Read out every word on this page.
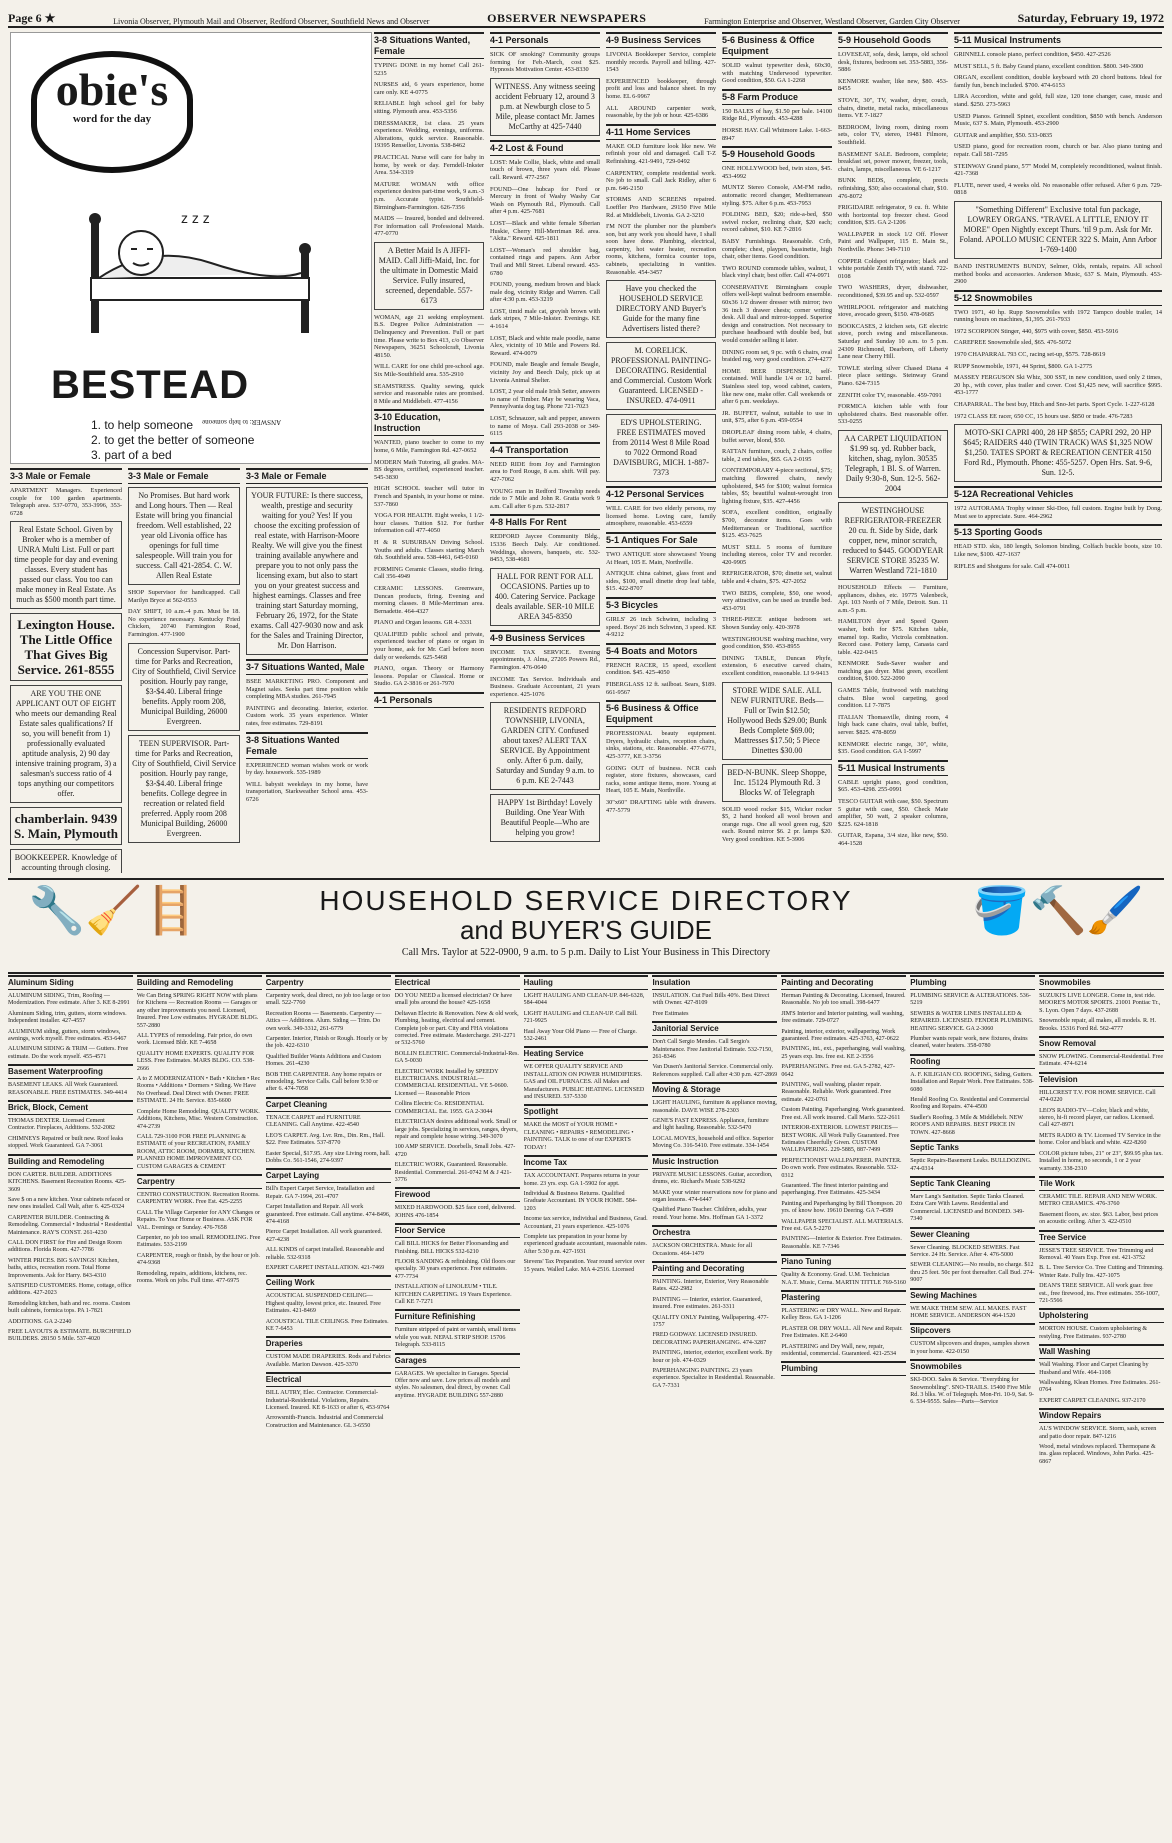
Page 6 ★	Livonia Observer, Plymouth Mail and Observer, Redford Observer, Southfield News and Observer	OBSERVER NEWSPAPERS	Farmington Enterprise and Observer, Westland Observer, Garden City Observer	Saturday, February 19, 1972
obie's
word for the day
z z z
BESTEAD
1. to help someone
2. to get the better of someone
3. part of a bed
ANSWER: to help someone
3-3 Male or Female

APARTMENT Managers. Experienced couple for 100 garden apartments. Telegraph area. 537-0770, 353-3996, 353-6728

Real Estate School. Given by Broker who is a member of UNRA Multi List. Full or part time people for day and evening classes. Every student has passed our class. You too can make money in Real Estate. As much as $500 month part time.
Lexington House. The Little Office That Gives Big Service. 261-8555
ARE YOU THE ONE APPLICANT OUT OF EIGHT who meets our demanding Real Estate sales qualifications? If so, you will benefit from 1) professionally evaluated aptitude analysis, 2) 90 day intensive training program, 3) a salesman's success ratio of 4 tops anything our competitors offer.
chamberlain. 9439 S. Main, Plymouth
BOOKKEEPER. Knowledge of accounting through closing.
3-3 Male or Female
No Promises. But hard work and Long hours. Then — Real Estate will bring you financial freedom. Well established, 22 year old Livonia office has openings for full time salespeople. Will train you for success. Call 421-2854. C. W. Allen Real Estate

SHOP Supervisor for handicapped. Call Marilyn Bryce at 562-0553

DAY SHIFT, 10 a.m.-4 p.m. Must be 18. No experience necessary. Kentucky Fried Chicken, 20740 Farmington Road, Farmington. 477-1900

Concession Supervisor. Part-time for Parks and Recreation, City of Southfield, Civil Service position. Hourly pay range, $3-$4.40. Liberal fringe benefits. Apply room 208, Municipal Building, 26000 Evergreen.
TEEN SUPERVISOR. Part-time for Parks and Recreation, City of Southfield, Civil Service position. Hourly pay range, $3-$4.40. Liberal fringe benefits. College degree in recreation or related field preferred. Apply room 208 Municipal Building, 26000 Evergreen.
3-3 Male or Female
YOUR FUTURE: Is there success, wealth, prestige and security waiting for you? Yes! If you choose the exciting profession of real estate, with Harrison-Moore Realty. We will give you the finest training available anywhere and prepare you to not only pass the licensing exam, but also to start you on your greatest success and highest earnings. Classes and free training start Saturday morning, February 26, 1972, for the State exams. Call 427-9030 now and ask for the Sales and Training Director, Mr. Don Harrison.
3-7 Situations Wanted, Male

BSEE MARKETING PRO. Component and Magnet sales. Seeks part time position while completing MBA studies. 261-7945

PAINTING and decorating. Interior, exterior. Custom work. 35 years experience. Winter rates, free estimates. 729-8191

3-8 Situations Wanted Female

EXPERIENCED woman wishes work or work by day. housework. 535-1989

WILL babysit weekdays in my home, have transportation, Starkweather School area. 453-6726

3-8 Situations Wanted, Female

TYPING DONE in my home! Call 261-5235

NURSES aid, 6 years experience, home care only. KE 4-0775

RELIABLE high school girl for baby sitting. Plymouth area. 453-5356

DRESSMAKER, 1st class. 25 years experience. Wedding, evenings, uniforms. Alterations, quick service. Reasonable. 19395 Rensellor, Livonia. 538-8462

PRACTICAL Nurse will care for baby in home, by week or day. Ferndell-Inkster Area. 534-3319

MATURE WOMAN with office experience desires part-time work, 9 a.m.-3 p.m. Accurate typist. Southfield-Birmingham-Farmington. 626-7356

MAIDS — Insured, bonded and delivered. For information call Professional Maids. 477-0770

A Better Maid Is A JIFFI-MAID. Call Jiffi-Maid, Inc. for the ultimate in Domestic Maid Service. Fully insured, screened, dependable. 557-6173

WOMAN, age 21 seeking employment. B.S. Degree Police Administration — Delinquency and Prevention. Full or part time. Please write to Box 413, c/o Observer Newspapers, 36251 Schoolcraft, Livonia 48150.

WILL CARE for one child pre-school age. Six Mile-Southfield area. 535-2910

SEAMSTRESS. Quality sewing, quick service and reasonable rates are promised. 8 Mile and Middlebelt. 477-4156

3-10 Education, Instruction

WANTED, piano teacher to come to my home, 6 Mile, Farmington Rd. 427-0652

MODERN Math Tutoring, all grades. MA-BS degrees, certified, experienced teacher. 545-3830

HIGH SCHOOL teacher will tutor in French and Spanish, in your home or mine. 537-7860

YOGA FOR HEALTH. Eight weeks, 1 1/2-hour classes. Tuition $12. For further information call 477-4050

H & R SUBURBAN Driving School. Youths and adults. Classes starting March 6th. Southfield area. 538-4461, 645-0160

FORMING Ceramic Classes, studio firing. Call 356-4949

CERAMIC LESSONS. Greenware, Duncan products, firing. Evening and morning classes. 8 Mile-Merriman area. Bernadette. 464-4327

PIANO and Organ lessons. GR 4-3331

QUALIFIED public school and private, experienced teacher of piano or organ in your home, ask for Mr. Carl before noon daily or weekends. 625-5468

PIANO, organ. Theory or Harmony lessons. Popular or Classical. Home or Studio. GA 2-3816 or 261-7970

4-1 Personals
4-1 Personals

SICK OF smoking? Community groups forming for Feb.-March, cost $25. Hypnosis Motivation Center. 453-8330

WITNESS. Any witness seeing accident February 12, around 3 p.m. at Newburgh close to 5 Mile, please contact Mr. James McCarthy at 425-7440
4-2 Lost & Found

LOST: Male Collie, black, white and small touch of brown, three years old. Please call. Reward. 477-2567

FOUND—One hubcap for Ford or Mercury in front of Washy Washy Car Wash on Plymouth Rd., Plymouth. Call after 4 p.m. 425-7681

LOST—Black and white female Siberian Huskie, Cherry Hill-Merriman Rd. area. "Akita." Reward. 425-1811

LOST—Woman's red shoulder bag, contained rings and papers. Ann Arbor Trail and Mill Street. Liberal reward. 453-6780

FOUND, young, medium brown and black male dog, vicinity Ridge and Warren. Call after 4:30 p.m. 453-3219

LOST, timid male cat, greyish brown with dark stripes, 7 Mile-Inkster. Evenings. KE 4-1614

LOST, Black and white male poodle, name Alex, vicinity of 10 Mile and Powers Rd. Reward. 474-0079

FOUND, male Beagle and female Beagle, vicinity Joy and Beech Daly, pick up at Livonia Animal Shelter.

LOST, 2 year old male Irish Setter, answers to name of Timber. May be wearing Vaca, Pennsylvania dog tag. Phone 721-7023

LOST, Schnauzer, salt and pepper, answers to name of Moya. Call 293-2038 or 349-6115

4-4 Transportation

NEED RIDE from Joy and Farmington area to Ford Rouge, 8 a.m. shift. Will pay. 427-7062

YOUNG man in Redford Township needs ride to 7 Mile and John R. Gratia work 9 a.m. Call after 6 p.m. 532-2817

4-8 Halls For Rent

REDFORD Jaycee Community Bldg., 15336 Beech Daly. Air conditioned. Weddings, showers, banquets, etc. 532-8453, 538-4681

HALL FOR RENT FOR ALL OCCASIONS. Parties up to 400. Catering Service. Package deals available. SER-10 MILE AREA 345-8350
4-9 Business Services

INCOME TAX SERVICE. Evening appointments, J. Alma, 27205 Powers Rd., Farmington. 476-0640

INCOME Tax Service. Individuals and Business. Graduate Accountant, 21 years experience. 425-1076

RESIDENTS REDFORD TOWNSHIP, LIVONIA, GARDEN CITY. Confused about taxes? ALERT TAX SERVICE. By Appointment only. After 6 p.m. daily, Saturday and Sunday 9 a.m. to 6 p.m. KE 2-7443
HAPPY 1st Birthday! Lovely Building. One Year With Beautiful People—Who are helping you grow!
4-9 Business Services

LIVONIA Bookkeeper Service, complete monthly records. Payroll and billing. 427-1543

EXPERIENCED bookkeeper, through profit and loss and balance sheet. In my home. EL 6-9967

ALL AROUND carpenter work, reasonable, by the job or hour. 425-6386

4-11 Home Services

MAKE OLD furniture look like new. We refinish your old and damaged. Call T-Z Refinishing. 421-9491, 729-0492

CARPENTRY, complete residential work. No job to small. Call Jack Ridley, after 6 p.m. 646-2150

STORMS AND SCREENS repaired. Loeffler Pro Hardware, 29150 Five Mile Rd. at Middlebelt, Livonia. GA 2-3210

I'M NOT the plumber nor the plumber's son, but any work you should have, I shall soon have done. Plumbing, electrical, carpentry, hot water heater, recreation rooms, kitchens, formica counter tops, cabinets, specializing in vanities. Reasonable. 454-3457

Have you checked the HOUSEHOLD SERVICE DIRECTORY AND Buyer's Guide for the many fine Advertisers listed there?
M. CORELICK. PROFESSIONAL PAINTING-DECORATING. Residential and Commercial. Custom Work Guaranteed. LICENSED - INSURED. 474-0911
ED'S UPHOLSTERING. FREE ESTIMATES moved from 20114 West 8 Mile Road to 7022 Ormond Road DAVISBURG, MICH. 1-887-7373
4-12 Personal Services

WILL CARE for two elderly persons, my licensed home. Loving care, family atmosphere, reasonable. 453-6559

5-1 Antiques For Sale

TWO ANTIQUE store showcases! Young At Heart, 105 E. Main, Northville.

ANTIQUE china cabinet, glass front and sides, $100, small dinette drop leaf table, $15. 422-8707

5-3 Bicycles

GIRLS' 26 inch Schwinn, including 3 speed. Boys' 26 inch Schwinn, 3 speed. KE 4-9212

5-4 Boats and Motors

FRENCH RACER, 15 speed, excellent condition. $45. 425-4050

FIBERGLASS 12 ft. sailboat. Sears, $189. 661-9567

5-6 Business & Office Equipment

PROFESSIONAL beauty equipment. Dryers, hydraulic chairs, reception chairs, sinks, stations, etc. Reasonable. 477-6771, 425-3777, KE 3-3756

GOING OUT of business. NCR cash register, store fixtures, showcases, card racks, some antique items, more. Young at Heart, 105 E. Main, Northville.

30"x60" DRAFTING table with drawers. 477-5779

5-6 Business & Office Equipment

SOLID walnut typewriter desk, 60x30, with matching Underwood typewriter. Good condition, $50. GA 1-2268

5-8 Farm Produce

150 BALES of hay, $1.50 per bale. 14100 Ridge Rd., Plymouth. 453-4288

HORSE HAY. Call Whitmore Lake. 1-663-8947

5-9 Household Goods

ONE HOLLYWOOD bed, twin sizes, $45. 453-4992

MUNTZ Stereo Console, AM-FM radio, automatic record changer, Mediterranean styling. $75. After 6 p.m. 453-7953

FOLDING BED, $20; ride-a-bed, $50 swivel rocker, reclining chair, $20 each; record cabinet, $10. KE 7-2816

BABY Furnishings. Reasonable. Crib, complete; chest, playpen, bassinette, high chair, other items. Good condition.

TWO ROUND commode tables, walnut, 1 black vinyl chair, best offer. Call 474-0971

CONSERVATIVE Birmingham couple offers well-kept walnut bedroom ensemble. 60x36 1/2 drawer dresser with mirror; two 36 inch 3 drawer chests; corner writing desk. All dual and mirror-topped. Superior design and construction. Not necessary to purchase headboard with double bed, but would consider selling it later.

DINING room set, 9 pc. with 6 chairs, oval braided rug, very good condition. 274-4277

HOME BEER DISPENSER, self-contained. Will handle 1/4 or 1/2 barrel. Stainless steel top, wood cabinet, casters, like new one, make offer. Call weekends or after 6 p.m. weekdays.

JR. BUFFET, walnut, suitable to use in unit, $75, after 6 p.m. 459-0554

DROPLEAF dining room table, 4 chairs, buffet server, blond, $50.

RATTAN furniture, couch, 2 chairs, coffee table, 2 end tables, $65. GA 2-0195

CONTEMPORARY 4-piece sectional, $75; matching flowered chairs, newly upholstered, $45 for $100; walnut formica tables, $5; beautiful walnut-wrought iron lighting fixture, $35. 427-4456

SOFA, excellent condition, originally $700, decorator items. Goes with Mediterranean or Traditional, sacrifice $125. 453-7625

MUST SELL 5 rooms of furniture including stereos, color TV and recorder. 420-9905

REFRIGERATOR, $70; dinette set, walnut table and 4 chairs, $75. 427-2052

TWO BEDS, complete, $50, one wood, very attractive, can be used as trundle bed. 453-0791

THREE-PIECE antique bedroom set. Shown Sunday only. 420-3978

WESTINGHOUSE washing machine, very good condition, $50. 453-8955

DINING TABLE, Duncan Phyfe, extension, 6 executive carved chairs, excellent condition, reasonable. LI 9-9413

STORE WIDE SALE. ALL NEW FURNITURE. Beds—Full or Twin $12.50; Hollywood Beds $29.00; Bunk Beds Complete $69.00; Mattresses $17.50; 5 Piece Dinettes $30.00
BED-N-BUNK. Sleep Shoppe, Inc. 15124 Plymouth Rd. 3 Blocks W. of Telegraph

SOLID wood rocker $15, Wicker rocker $5, 2 hand hooked all wool brown and orange rugs. One all wool green rug, $20 each. Round mirror $6. 2 pr. lamps $20. Very good condition. KE 5-3906

5-9 Household Goods

LOVESEAT, sofa, desk, lamps, old school desk, fixtures, bedroom set. 353-5883, 356-5886

KENMORE washer, like new, $80. 453-8455

STOVE, 30", TV, washer, dryer, couch, chairs, dinette, metal racks, miscellaneous items. VE 7-1827

BEDROOM, living room, dining room sets, color TV, stereo, 19481 Filmore, Southfield.

BASEMENT SALE. Bedroom, complete; breakfast set, power mower, freezer, tools, chairs, lamps, miscellaneous. VE 6-1217

BUNK BEDS, complete, precis refinishing, $30; also occasional chair, $10. 476-8072

FRIGIDAIRE refrigerator, 9 cu. ft. White with horizontal top freezer chest. Good condition, $35. GA 2-1206

WALLPAPER in stock 1/2 Off. Flower Paint and Wallpaper, 115 E. Main St., Northville. Phone: 349-7110

COPPER Coldspot refrigerator; black and white portable Zenith TV, with stand. 722-0108

TWO WASHERS, dryer, dishwasher, reconditioned, $39.95 and up. 532-0597

WHIRLPOOL refrigerator and matching stove, avocado green, $150. 478-0685

BOOKCASES, 2 kitchen sets, GE electric stove, porch swing and miscellaneous. Saturday and Sunday 10 a.m. to 5 p.m. 24309 Richmond, Dearborn, off Liberty Lane near Cherry Hill.

TOWLE sterling silver Chased Diana 4 piece place settings. Steinway Grand Piano. 624-7315

ZENITH color TV, reasonable. 459-7091

FORMICA kitchen table with four upholstered chairs. Best reasonable offer. 533-0255

AA CARPET LIQUIDATION $1.99 sq. yd. Rubber back, kitchen, shag, nylon. 30535 Telegraph, 1 Bl. S. of Warren. Daily 9:30-8, Sun. 12-5. 562-2004
WESTINGHOUSE REFRIGERATOR-FREEZER 20 cu. ft. Side by Side, dark copper, new, minor scratch, reduced to $445. GOODYEAR SERVICE STORE 35235 W. Warren Westland 721-1810

HOUSEHOLD Effects — Furniture, appliances, dishes, etc. 19775 Valenbeck, Apt. 103 North of 7 Mile, Detroit. Sun. 11 a.m.-5 p.m.

HAMILTON dryer and Speed Queen washer, both for $75. Kitchen table, enamel top. Radio, Victrola combination. Record case. Pottery lamp, Canasta card table. 422-0415

KENMORE Suds-Saver washer and matching gas dryer. Mist green, excellent condition, $100. 522-2090

GAMES Table, fruitwood with matching chairs. Blue wool carpeting, good condition. LI 7-7875

ITALIAN Thomasville, dining room, 4 high back cane chairs, oval table, buffet, server. $825. 478-8059

KENMORE electric range, 30", white, $35. Good condition. GA 1-5997

5-11 Musical Instruments

CABLE upright piano, good condition, $65. 453-4298. 255-0991

TESCO GUITAR with case, $50. Spectrum 5 guitar with case, $50. Check Mate amplifier, 50 watt, 2 speaker columns, $225. 624-1818

GUITAR, Espana, 3/4 size, like new, $50. 464-1528

5-11 Musical Instruments

GRINNELL console piano, perfect condition, $450. 427-2526

MUST SELL, 5 ft. Baby Grand piano, excellent condition. $800. 349-3900

ORGAN, excellent condition, double keyboard with 20 chord buttons. Ideal for family fun, bench included. $700. 474-6153

LIRA Accordion, white and gold, full size, 120 tone changer, case, music and stand. $250. 273-5963

USED Pianos. Grinnell Spinet, excellent condition, $850 with bench. Anderson Music, 637 S. Main, Plymouth. 453-2900

GUITAR and amplifier, $50. 533-0835

USED piano, good for recreation room, church or bar. Also piano tuning and repair. Call 581-7295

STEINWAY Grand piano, 5'7" Model M, completely reconditioned, walnut finish. 421-7368

FLUTE, never used, 4 weeks old. No reasonable offer refused. After 6 p.m. 729-0818

"Something Different" Exclusive total fun package, LOWREY ORGANS. "TRAVEL A LITTLE, ENJOY IT MORE" Open Nightly except Thurs. 'til 9 p.m. Ask for Mr. Foland. APOLLO MUSIC CENTER 322 S. Main, Ann Arbor 1-769-1400

BAND INSTRUMENTS BUNDY, Selmer, Olds, rentals, repairs. All school method books and accessories. Anderson Music, 637 S. Main, Plymouth. 453-2900

5-12 Snowmobiles

TWO 1971, 40 hp. Rupp Snowmobiles with 1972 Tampco double trailer, 14 running hours on machines, $1,395. 261-7933

1972 SCORPION Stinger, 440, $975 with cover, $850. 453-5916

CAREFREE Snowmobile sled, $65. 476-5072

1970 CHAPARRAL 793 CC, racing set-up, $575. 728-8619

RUPP Snowmobile, 1971, 44 Sprint, $800. GA 1-2775

MASSEY FERGUSON Ski Whiz, 300 SST, in new condition, used only 2 times, 20 hp., with cover, plus trailer and cover. Cost $1,425 new, will sacrifice $995. 453-1777

CHAPARRAL. The best buy, Hitch and Sno-Jet parts. Sport Cycle. 1-227-6128

1972 CLASS EE racer, 650 CC, 15 hours use. $850 or trade. 476-7283

MOTO-SKI CAPRI 400, 28 HP $855; CAPRI 292, 20 HP $645; RAIDERS 440 (TWIN TRACK) WAS $1,325 NOW $1,250. TATES SPORT & RECREATION CENTER 4150 Ford Rd., Plymouth. Phone: 455-5257. Open Hrs. Sat. 9-6, Sun. 12-5.
5-12A Recreational Vehicles

1972 AUTORAMA Trophy winner Ski-Doo, full custom. Engine built by Dong. Must see to appreciate. Sure. 464-2962

5-13 Sporting Goods

HEAD STD. skis, 180 length, Solomon binding, Colfach buckle boots, size 10. Like new, $100. 427-1637

RIFLES and Shotguns for sale. Call 474-0011

🔧🧹🪜	🪣🔨🖌️
HOUSEHOLD SERVICE DIRECTORY
and BUYER'S GUIDE
Call Mrs. Taylor at 522-0900, 9 a.m. to 5 p.m. Daily to List Your Business in This Directory
Aluminum Siding

ALUMINUM SIDING, Trim, Roofing — Modernization. Free estimate. After 3. KE 8-2991

Aluminum Siding, trim, gutters, storm windows. Independent installer. 427-4557

ALUMINUM siding, gutters, storm windows, awnings, work myself. Free estimates. 453-6467

ALUMINUM SIDING & TRIM — Gutters. Free estimate. Do the work myself. 455-4571

Basement Waterproofing

BASEMENT LEAKS. All Work Guaranteed. REASONABLE. FREE ESTIMATES. 349-4414

Brick, Block, Cement

THOMAS DEXTER. Licensed Cement Contractor. Fireplaces, Additions. 532-2082

CHIMNEYS Repaired or built new. Roof leaks stopped. Work Guaranteed. GA 7-3061

Building and Remodeling

DON CARTER. BUILDER. ADDITIONS KITCHENS. Basement Recreation Rooms. 425-3609

Save $ on a new kitchen. Your cabinets refaced or new ones installed. Call Walt, after 6. 425-0324

CARPENTER BUILDER. Contracting & Remodeling. Commercial • Industrial • Residential Maintenance. RAY'S CONST. 261-4230

CALL DON FIRST for Fire and Design Room additions. Florida Room. 427-7786

WINTER PRICES. BIG SAVINGS! Kitchen, baths, attics, recreation room. Total Home Improvements. Ask for Harry. 843-4310

SATISFIED CUSTOMERS. Home, cottage, office additions. 427-2023

Remodeling kitchen, bath and rec. rooms. Custom built cabinets, formica tops. PA 1-7821

ADDITIONS. GA 2-2240

FREE LAYOUTS & ESTIMATE. BURCHFIELD BUILDERS. 28150 5 Mile. 537-4020

Building and Remodeling

We Can Bring SPRING RIGHT NOW with plans for Kitchens — Recreation Rooms — Garages or any other improvements you need. Licensed, Insured. Free Low estimates. HYGRADE BLDG. 557-2880

ALL TYPES of remodeling. Fair price, do own work. Licensed Bldr. KE 7-4658

QUALITY HOME EXPERTS. QUALITY FOR LESS. Free Estimates. MARS BLDG. CO. 538-2666

A to Z MODERNIZATION • Bath • Kitchen • Rec Rooms • Additions • Dormers • Siding. We Have No Overhead. Deal Direct with Owner. FREE ESTIMATE. 24 Hr. Service. 835-6600

Complete Home Remodeling. QUALITY WORK. Additions, Kitchens, Misc. Western Construction. 474-2739

CALL 729-3100 FOR FREE PLANNING & ESTIMATE of your RECREATION, FAMILY ROOM, ATTIC ROOM, DORMER, KITCHEN. PLANNED HOME IMPROVEMENT CO. CUSTOM GARAGES & CEMENT

Carpentry

CENTRO CONSTRUCTION. Recreation Rooms. CARPENTRY WORK. Free Est. 425-2255

CALL The Village Carpenter for ANY Changes or Repairs. To Your Home or Business. ASK FOR VAL. Evenings or Sunday. 476-7658

Carpenter, no job too small. REMODELING. Free Estimates. 533-2199

CARPENTER, rough or finish, by the hour or job. 474-9368

Remodeling, repairs, additions, kitchens, rec. rooms. Work on jobs. Full time. 477-6975

Carpentry

Carpentry work, deal direct, no job too large or too small. 522-7760

Recreation Rooms — Basements. Carpentry — Attics — Additions. Alum. Siding — Trim. Do own work. 349-3312, 261-6779

Carpenter. Interior, Finish or Rough. Hourly or by the job. 422-6310

Qualified Builder Wants Additions and Custom Homes. 261-4230

BOB THE CARPENTER. Any home repairs or remodeling. Service Calls. Call before 9:30 or after 6. 474-7058

Carpet Cleaning

TENACE CARPET and FURNITURE CLEANING. Call Anytime. 422-4540

LEO'S CARPET. Avg. Lvr. Rm., Din. Rm., Hall. $22. Free Estimates. 537-8770

Easter Special, $17.95. Any size Living room, hall. Dobbs Co. 561-1546, 274-9397

Carpet Laying

Bill's Expert Carpet Service, Installation and Repair. GA 7-1994, 261-4707

Carpet Installation and Repair. All work guaranteed. Free estimate. Call anytime. 474-8496, 474-4168

Pierce Carpet Installation. All work guaranteed. 427-4238

ALL KINDS of carpet installed. Reasonable and reliable. 532-9318

EXPERT CARPET INSTALLATION. 421-7469

Ceiling Work

ACOUSTICAL SUSPENDED CEILING—Highest quality, lowest price, etc. Insured. Free Estimates. 421-8469

ACOUSTICAL TILE CEILINGS. Free Estimates. KE 7-6453

Draperies

CUSTOM MADE DRAPERIES. Rods and Fabrics Available. Marion Dawson. 425-3370

Electrical

BILL AUTRY, Elec. Contractor. Commercial-Industrial-Residential. Violations, Repairs. Licensed. Insured. KE 8-1633 or after 6, 453-9764

Arrowsmith-Francis. Industrial and Commercial Construction and Maintenance. GL 3-6550

Electrical

DO YOU NEED a licensed electrician? Or have small jobs around the house? 425-1658

Deltavan Electric & Renovation. New & old work, Plumbing, heating, electrical and cement. Complete job or part. City and FHA violations corrected. Free estimate. Mastercharge. 291-2271 or 532-5760

BOLLIN ELECTRIC. Commercial-Industrial-Res. GA 5-0030

ELECTRIC WORK Installed by SPEEDY ELECTRICIANS. INDUSTRIAL—COMMERCIAL RESIDENTIAL. VE 5-0600. Licensed — Reasonable Prices

Collins Electric Co. RESIDENTIAL COMMERCIAL. Est. 1955. GA 2-3044

ELECTRICIAN desires additional work. Small or large jobs. Specializing in services, ranges, dryers, repair and complete house wiring. 349-3070

100 AMP SERVICE. Doorbells, Small Jobs. 427-4720

ELECTRIC WORK, Guaranteed. Reasonable. Residential. Commercial. 261-0742 M & J 421-3776

Firewood

MIXED HARDWOOD. $25 face cord, delivered. JOHNS 476-1854

Floor Service

Call BILL HICKS for Better Floorsanding and Finishing. BILL HICKS 532-6210

FLOOR SANDING & refinishing. Old floors our specialty. 30 years experience. Free estimates. 477-7734

INSTALLATION of LINOLEUM • TILE. KITCHEN CARPETING. 19 Years Experience. Call KE 7-7271

Furniture Refinishing

Furniture stripped of paint or varnish, small items while you wait. NEPAL STRIP SHOP. 15706 Telegraph. 533-8115

Garages

GARAGES. We specialize in Garages. Special Offer now and save. Low prices all models and styles. No salesmen, deal direct, by owner. Call anytime. HYGRADE BUILDING 557-2880

Hauling

LIGHT HAULING AND CLEAN-UP. 846-6328, 584-4044

LIGHT HAULING and CLEAN-UP. Call Bill. 721-9925

Haul Away Your Old Piano — Free of Charge. 532-2461

Heating Service

WE OFFER QUALITY SERVICE AND INSTALLATION ON POWER HUMIDIFIERS. GAS and OIL FURNACES. All Makes and Manufacturers. PUBLIC HEATING. LICENSED and INSURED. 537-5330

Spotlight

MAKE the MOST of YOUR HOME • CLEANING • REPAIRS • REMODELING • PAINTING. TALK to one of our EXPERTS TODAY!

Income Tax

TAX ACCOUNTANT. Prepares returns in your home. 23 yrs. exp. GA 1-5902 for appt.

Individual & Business Returns. Qualified Graduate Accountant. IN YOUR HOME. 584-1203

Income tax service, individual and Business, Grad. Accountant, 21 years experience. 425-1076

Complete tax preparation in your home by experienced graduate accountant, reasonable rates. After 5:30 p.m. 427-1931

Stevens' Tax Preparation. Year round service over 15 years. Walled Lake. MA 4-2516. Licensed

Insulation

INSULATION. Cut Fuel Bills 40%. Best Direct with Owner. 427-8109

Free Estimates

Janitorial Service

Don't Call Sergio Mendes. Call Sergio's Maintenance. Free Janitorial Estimate. 532-7150, 261-8346

Van Dusen's Janitorial Service. Commercial only. References supplied. Call after 4:30 p.m. 427-2869

Moving & Storage

LIGHT HAULING, furniture & appliance moving, reasonable. DAVE WISE 278-2303

GENE'S FAST EXPRESS. Appliance, furniture and light hauling. Reasonable. 532-5470

LOCAL MOVES, household and office. Superior Moving Co. 316-5410. Free estimate. 334-1454

Music Instruction

PRIVATE MUSIC LESSONS. Guitar, accordion, drums, etc. Richard's Music 538-9292

MAKE your winter reservations now for piano and organ lessons. 474-6447

Qualified Piano Teacher. Children, adults, year round. Your home. Mrs. Hoffman GA 1-3372

Orchestra

JACKSON ORCHESTRA. Music for all Occasions. 464-1479

Painting and Decorating

PAINTING. Interior, Exterior, Very Reasonable Rates. 422-2982

PAINTING — Interior, exterior. Guaranteed, insured. Free estimates. 261-3311

QUALITY ONLY Painting, Wallpapering. 477-1757

FRED GODWAY. LICENSED INSURED. DECORATING PAPERHANGING. 474-3287

PAINTING, interior, exterior, excellent work. By hour or job. 474-0329

PAPERHANGING PAINTING. 23 years experience. Specialize in Residential. Reasonable. GA 7-7331

Painting and Decorating

Herman Painting & Decorating. Licensed, Insured. Reasonable. No job too small. 398-6477

JIM'S Interior and Interior painting, wall washing, free estimate. 729-0727

Painting, interior, exterior, wallpapering. Work guaranteed. Free estimates. 425-3763, 427-0622

PAINTING, int., ext., paperhanging, wall washing, 25 years exp. Ins. free est. KE 2-3556

PAPERHANGING. Free est. GA 5-2782, 427-0642

PAINTING, wall washing, plaster repair. Reasonable. Reliable. Work guaranteed. Free estimate. 422-0761

Custom Painting. Paperhanging. Work guaranteed. Free est. All work insured. Call Mario. 522-2611

INTERIOR-EXTERIOR. LOWEST PRICES—BEST WORK. All Work Fully Guaranteed. Free Estimates Cheerfully Given. CUSTOM WALLPAPERING. 229-5885, 887-7499

PERFECTIONIST WALLPAPERER. PAINTER. Do own work. Free estimates. Reasonable. 532-0312

Guaranteed. The finest interior painting and paperhanging. Free Estimates. 425-3434

Painting and Paperhanging by Bill Thompson. 20 yrs. of know how. 19610 Deering. GA 7-4589

WALLPAPER SPECIALIST. ALL MATERIALS. Free est. GA 5-2270

PAINTING—Interior & Exterior. Free Estimates. Reasonable. KE 7-7346

Piano Tuning

Quality & Economy. Grad. U.M. Technician N.A.T. Music, Cerna. MARTIN TITTLE 769-5160

Plastering

PLASTERING or DRY WALL. New and Repair. Kelley Bros. GA 1-1206

PLASTER OR DRY WALL. All New and Repair. Free Estimates. KE 2-6460

PLASTERING and Dry Wall, new, repair, residential, commercial. Guaranteed. 421-2534

Plumbing
Plumbing

PLUMBING SERVICE & ALTERATIONS. 536-5219

SEWERS & WATER LINES INSTALLED & REPAIRED. LICENSED. FENDER PLUMBING. HEATING SERVICE. GA 2-3060

Plumber wants repair work, new fixtures, drains cleaned, water heaters. 358-0780

Roofing

A. F. KILIGIAN CO. ROOFING, Siding, Gutters. Installation and Repair Work. Free Estimates. 538-6080

Herald Roofing Co. Residential and Commercial Roofing and Repairs. 474-4500

Stadler's Roofing. 3 Mile & Middlebelt. NEW ROOFS AND REPAIRS. BEST PRICE IN TOWN. 427-8668

Septic Tanks

Septic Repairs-Basement Leaks. BULLDOZING. 474-0314

Septic Tank Cleaning

Marv Lang's Sanitation. Septic Tanks Cleaned. Extra Care With Lawns. Residential and Commercial. LICENSED and BONDED. 349-7340

Sewer Cleaning

Sewer Cleaning. BLOCKED SEWERS. Fast Service. 24 Hr. Service. After 4. 476-5000

SEWER CLEANING—No results, no charge. $12 thru 25 feet. 50c per foot thereafter. Call Bud. 274-9007

Sewing Machines

WE MAKE THEM SEW. ALL MAKES. FAST HOME SERVICE. ANDERSON 464-1520

Slipcovers

CUSTOM slipcovers and drapes, samples shown in your home. 422-0150

Snowmobiles

SKI-DOO. Sales & Service. "Everything for Snowmobiling". SNO-TRAILS. 15400 Five Mile Rd. 3 blks. W. of Telegraph. Mon-Fri. 10-9, Sat. 9-6. 534-9555. Sales—Parts—Service

Snowmobiles

SUZUKI'S LIVE LONGER. Come in, test ride. MOORE'S MOTOR SPORTS. 21001 Pontiac Tr., S. Lyon. Open 7 days. 437-2688

Snowmobile repair, all makes, all models. R. H. Brooks. 15316 Ford Rd. 562-4777

Snow Removal

SNOW PLOWING. Commercial-Residential. Free Estimate. 474-6214

Television

HILLCREST T.V. FOR HOME SERVICE. Call 474-0220

LEO'S RADIO-TV—Color, black and white, stereo, hi-fi record player, car radios. Licensed. Call 427-8971

METS RADIO & TV. Licensed TV Service in the home. Color and black and white. 422-8260

COLOR picture tubes, 21" or 23", $99.95 plus tax. Installed in home, no seconds, 1 or 2 year warranty. 338-2310

Tile Work

CERAMIC TILE. REPAIR AND NEW WORK. METRO CERAMICS. 476-3760

Basement floors, av. size. $63. Labor, best prices on acoustic ceiling. After 3. 422-0510

Tree Service

JESSE'S TREE SERVICE. Tree Trimming and Removal. 40 Years Exp. Free est. 421-3752

B. L. Tree Service Co. Tree Cutting and Trimming. Winter Rate. Fully Ins. 427-1075

DEAN'S TREE SERVICE. All work guar. free est., free firewood, ins. Free estimates. 356-1007, 721-5566

Upholstering

MORTON HOUSE. Custom upholstering & restyling. Free Estimates. 937-2780

Wall Washing

Wall Washing. Floor and Carpet Cleaning by Husband and Wife. 464-1108

Wallwashing, Klean Homes. Free Estimates. 261-0764

EXPERT CARPET CLEANING. 937-2170

Window Repairs

AL'S WINDOW SERVICE. Storm, sash, screen and patio door repair. 847-1216

Wood, metal windows replaced. Thermopane & ins. glass replaced. Windows, John Parks. 425-6867
